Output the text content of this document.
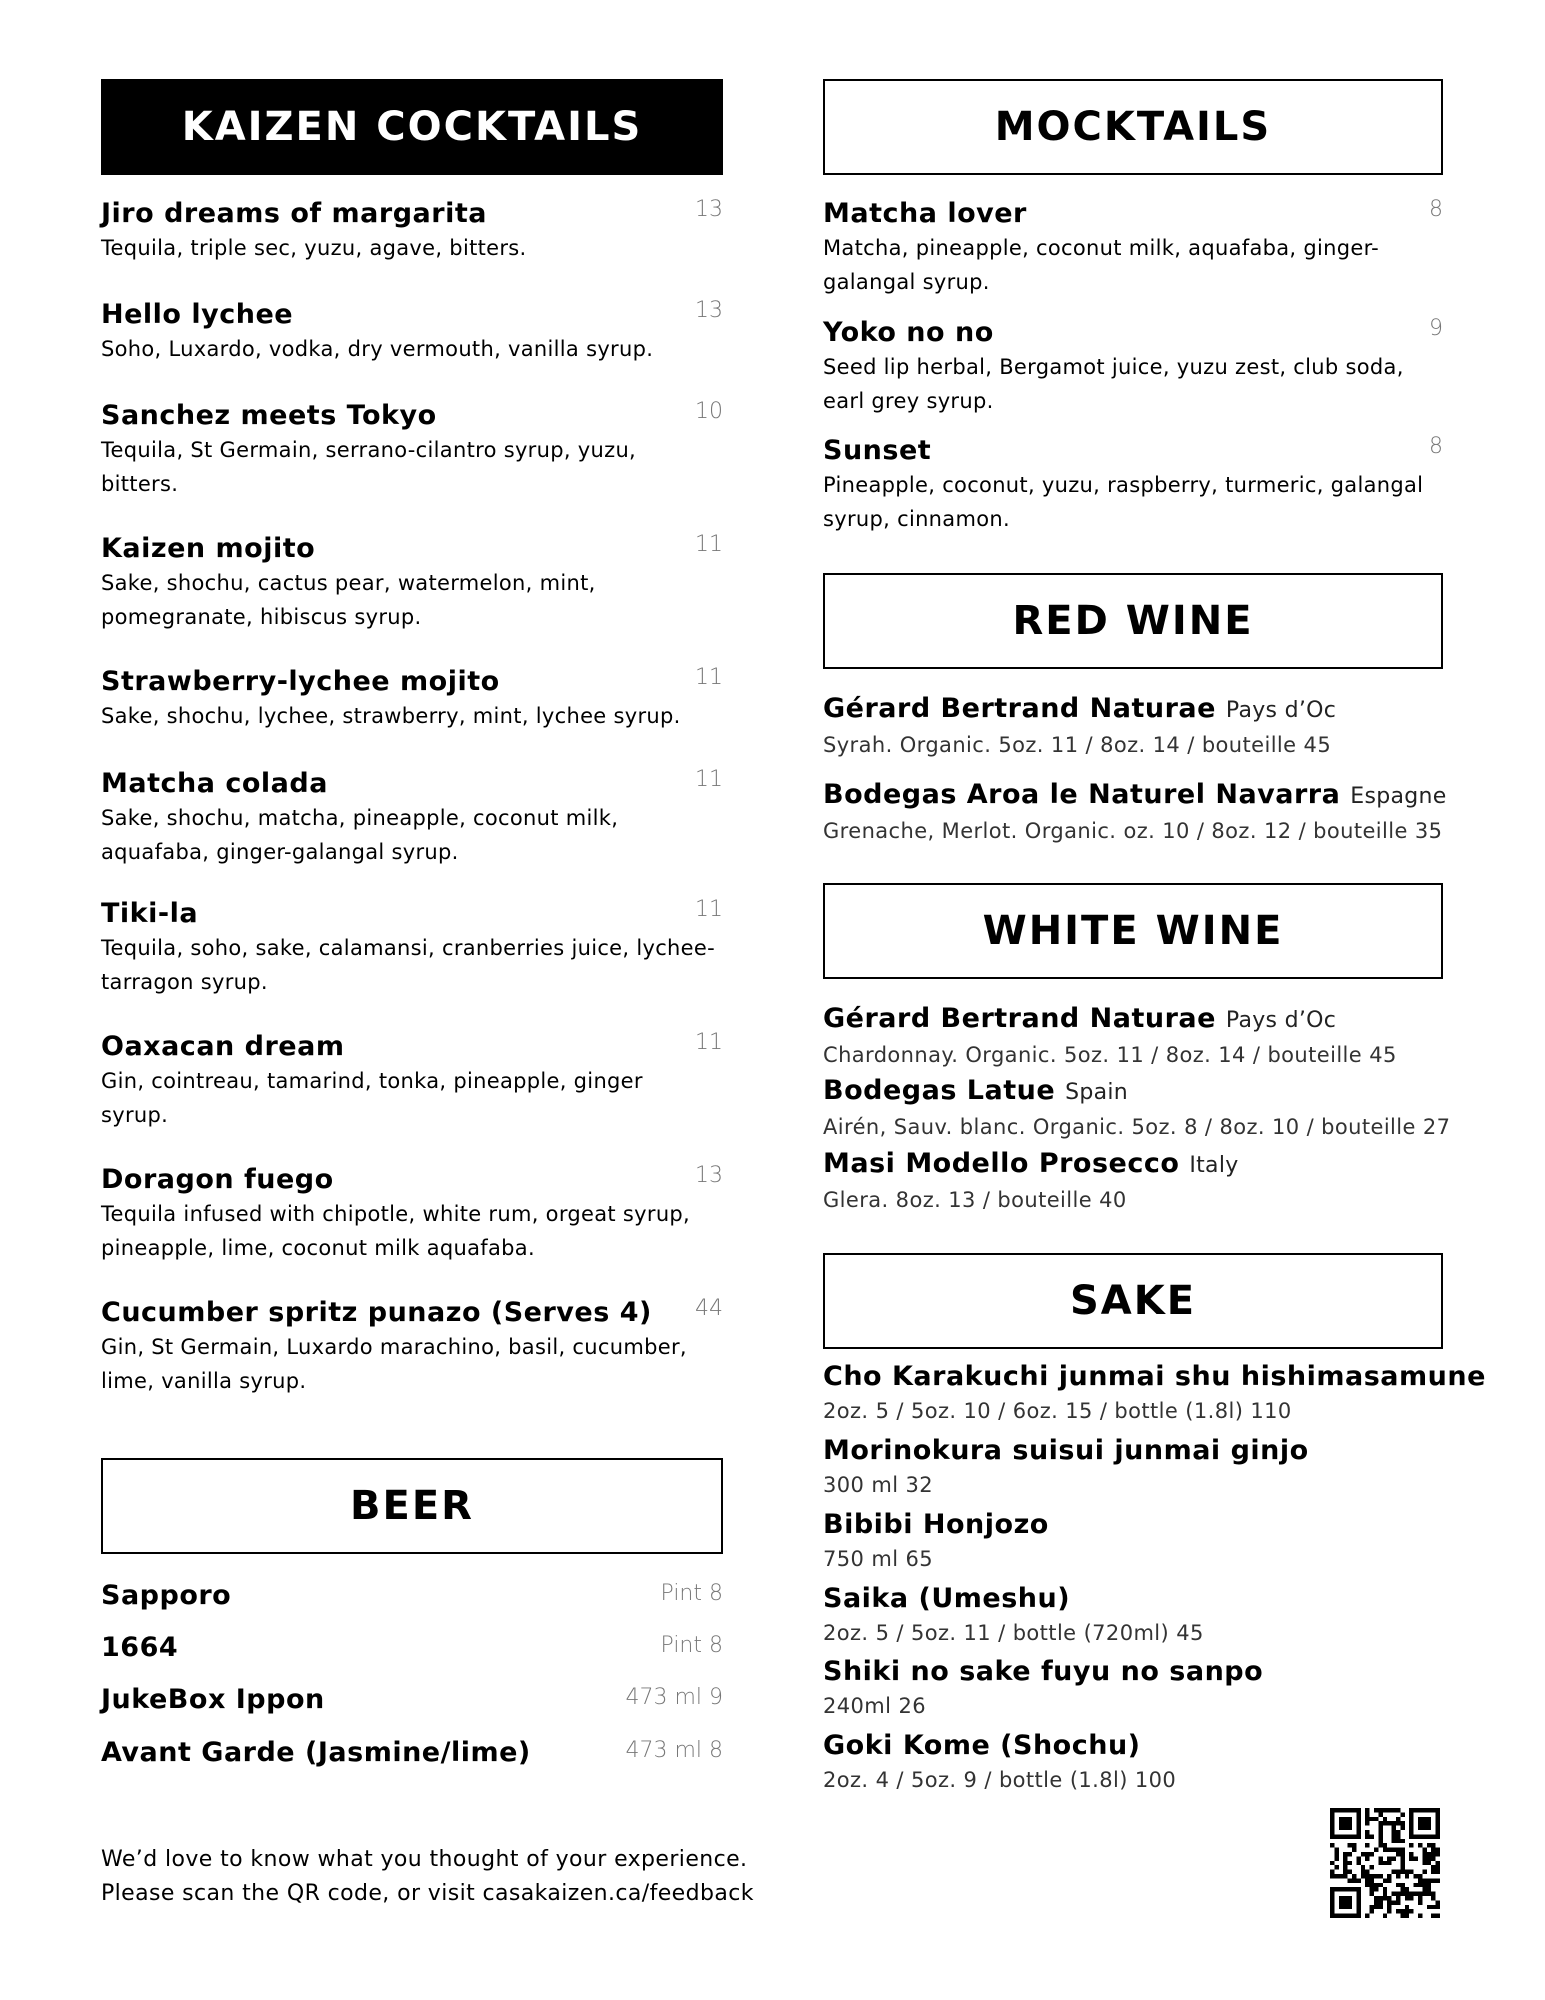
KAIZEN COCKTAILS
Jiro dreams of margarita	13
Tequila, triple sec, yuzu, agave, bitters.
Hello lychee	13
Soho, Luxardo, vodka, dry vermouth, vanilla syrup.
Sanchez meets Tokyo	10
Tequila, St Germain, serrano-cilantro syrup, yuzu, bitters.
Kaizen mojito	11
Sake, shochu, cactus pear, watermelon, mint, pomegranate, hibiscus syrup.
Strawberry-lychee mojito	11
Sake, shochu, lychee, strawberry, mint, lychee syrup.
Matcha colada	11
Sake, shochu, matcha, pineapple, coconut milk, aquafaba, ginger-galangal syrup.
Tiki-la	11
Tequila, soho, sake, calamansi, cranberries juice, lychee-tarragon syrup.
Oaxacan dream	11
Gin, cointreau, tamarind, tonka, pineapple, ginger syrup.
Doragon fuego	13
Tequila infused with chipotle, white rum, orgeat syrup, pineapple, lime, coconut milk aquafaba.
Cucumber spritz punazo (Serves 4)	44
Gin, St Germain, Luxardo marachino, basil, cucumber, lime, vanilla syrup.
BEER
Sapporo	Pint 8
1664	Pint 8
JukeBox Ippon	473 ml 9
Avant Garde (Jasmine/lime)	473 ml 8
We’d love to know what you thought of your experience.
Please scan the QR code, or visit casakaizen.ca/feedback
MOCKTAILS
Matcha lover	8
Matcha, pineapple, coconut milk, aquafaba, ginger-galangal syrup.
Yoko no no	9
Seed lip herbal, Bergamot juice, yuzu zest, club soda, earl grey syrup.
Sunset	8
Pineapple, coconut, yuzu, raspberry, turmeric, galangal syrup, cinnamon.
RED WINE
Gérard Bertrand Naturae Pays d’Oc
Syrah. Organic. 5oz. 11 / 8oz. 14 / bouteille 45
Bodegas Aroa le Naturel Navarra Espagne
Grenache, Merlot. Organic. oz. 10 / 8oz. 12 / bouteille 35
WHITE WINE
Gérard Bertrand Naturae Pays d’Oc
Chardonnay. Organic. 5oz. 11 / 8oz. 14 / bouteille 45
Bodegas Latue Spain
Airén, Sauv. blanc. Organic. 5oz. 8 / 8oz. 10 / bouteille 27
Masi Modello Prosecco Italy
Glera. 8oz. 13 / bouteille 40
SAKE
Cho Karakuchi junmai shu hishimasamune
2oz. 5 / 5oz. 10 / 6oz. 15 / bottle (1.8l) 110
Morinokura suisui junmai ginjo
300 ml 32
Bibibi Honjozo
750 ml 65
Saika (Umeshu)
2oz. 5 / 5oz. 11 / bottle (720ml) 45
Shiki no sake fuyu no sanpo
240ml 26
Goki Kome (Shochu)
2oz. 4 / 5oz. 9 / bottle (1.8l) 100
